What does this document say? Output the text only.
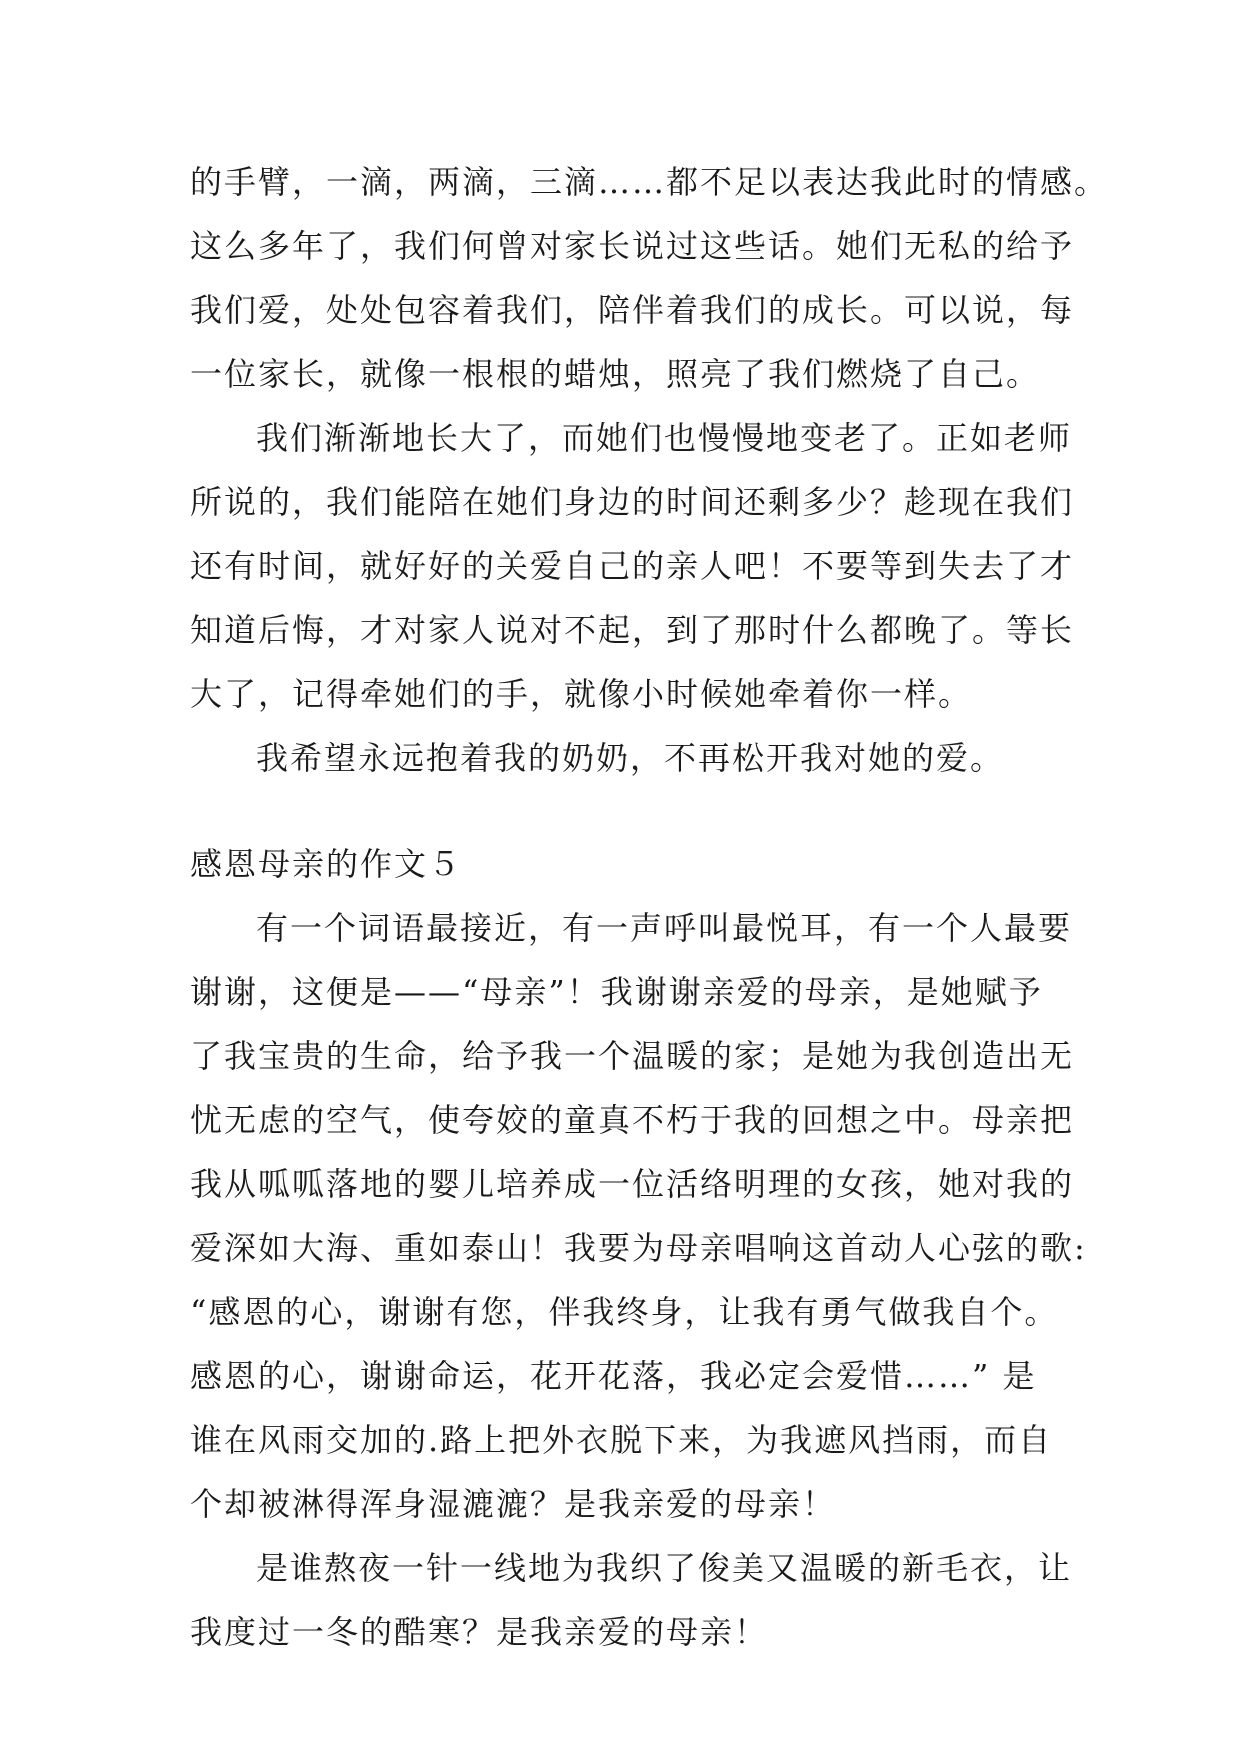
的手臂，一滴，两滴，三滴……都不足以表达我此时的情感。
这么多年了，我们何曾对家长说过这些话。她们无私的给予
我们爱，处处包容着我们，陪伴着我们的成长。可以说，每
一位家长，就像一根根的蜡烛，照亮了我们燃烧了自己。
我们渐渐地长大了，而她们也慢慢地变老了。正如老师
所说的，我们能陪在她们身边的时间还剩多少？趁现在我们
还有时间，就好好的关爱自己的亲人吧！不要等到失去了才
知道后悔，才对家人说对不起，到了那时什么都晚了。等长
大了，记得牵她们的手，就像小时候她牵着你一样。
我希望永远抱着我的奶奶，不再松开我对她的爱。
感恩母亲的作文５
有一个词语最接近，有一声呼叫最悦耳，有一个人最要
谢谢，这便是——“母亲”！我谢谢亲爱的母亲，是她赋予
了我宝贵的生命，给予我一个温暖的家；是她为我创造出无
忧无虑的空气，使夸姣的童真不朽于我的回想之中。母亲把
我从呱呱落地的婴儿培养成一位活络明理的女孩，她对我的
爱深如大海、重如泰山！我要为母亲唱响这首动人心弦的歌:
“感恩的心，谢谢有您，伴我终身，让我有勇气做我自个。
感恩的心，谢谢命运，花开花落，我必定会爱惜……” 是
谁在风雨交加的.路上把外衣脱下来，为我遮风挡雨，而自
个却被淋得浑身湿漉漉？是我亲爱的母亲！
是谁熬夜一针一线地为我织了俊美又温暖的新毛衣，让
我度过一冬的酷寒？是我亲爱的母亲！
